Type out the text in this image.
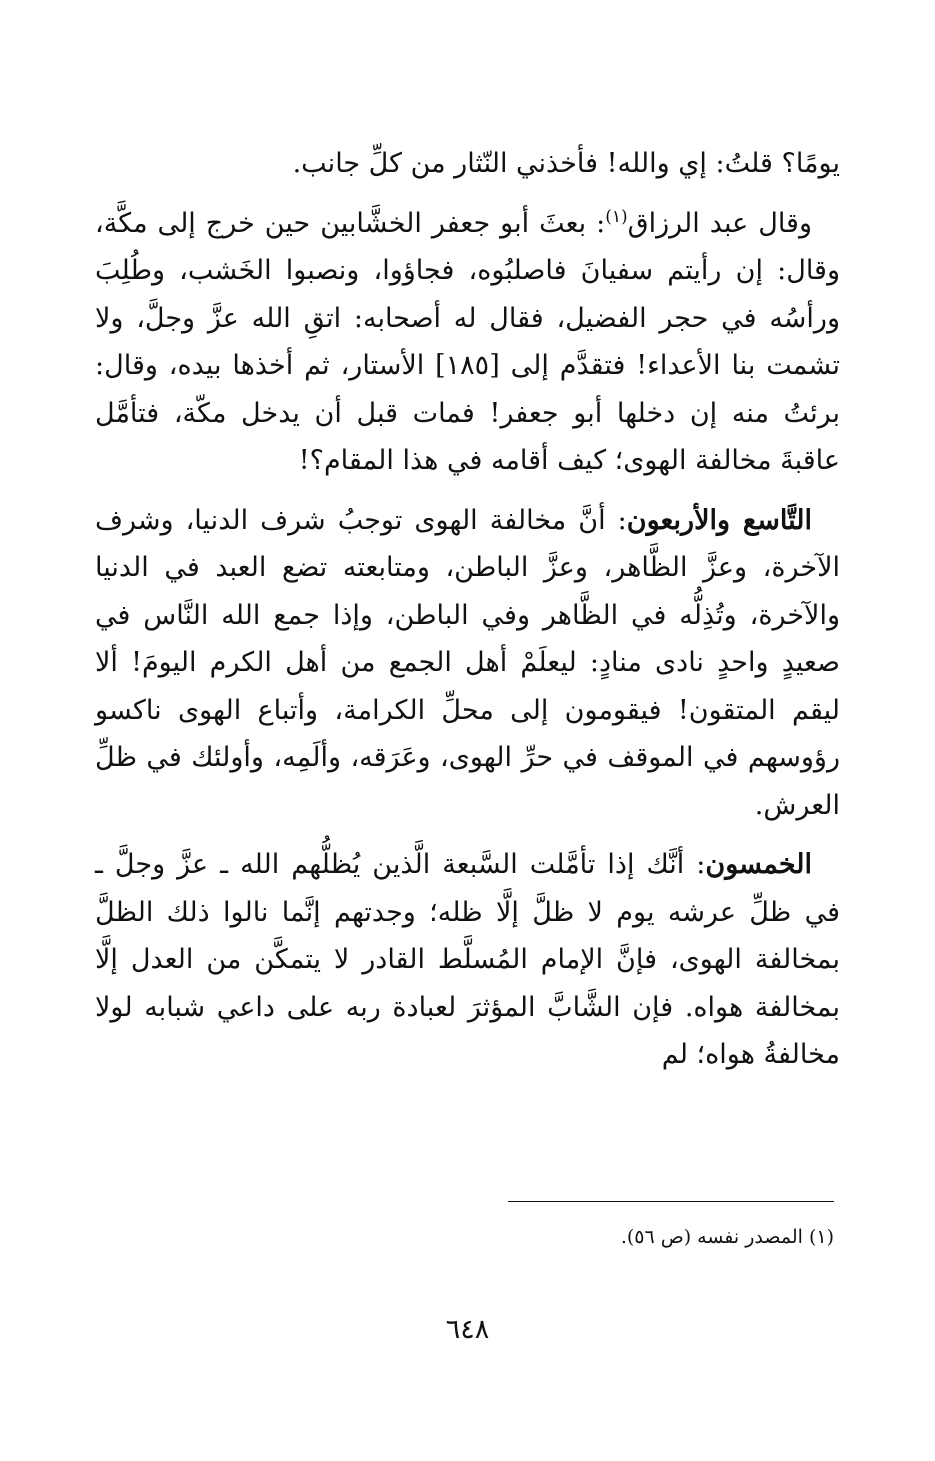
يومًا؟ قلتُ: إي والله! فأخذني النّثار من كلِّ جانب.

وقال عبد الرزاق$^{(١)}$: بعثَ أبو جعفر الخشَّابين حين خرج إلى مكَّة، وقال: إن رأيتم سفيانَ فاصلبُوه، فجاؤوا، ونصبوا الخَشب، وطُلِبَ ورأسُه في حجر الفضيل، فقال له أصحابه: اتقِ الله عزَّ وجلَّ، ولا تشمت بنا الأعداء! فتقدَّم إلى [١٨٥] الأستار، ثم أخذها بيده، وقال: برئتُ منه إن دخلها أبو جعفر! فمات قبل أن يدخل مكّة، فتأمَّل عاقبةَ مخالفة الهوى؛ كيف أقامه في هذا المقام؟!

التَّاسع والأربعون: أنَّ مخالفة الهوى توجبُ شرف الدنيا، وشرف الآخرة، وعزَّ الظَّاهر، وعزَّ الباطن، ومتابعته تضع العبد في الدنيا والآخرة، وتُذِلُّه في الظَّاهر وفي الباطن، وإذا جمع الله النَّاس في صعيدٍ واحدٍ نادى منادٍ: ليعلَمْ أهل الجمع من أهل الكرم اليومَ! ألا ليقم المتقون! فيقومون إلى محلِّ الكرامة، وأتباع الهوى ناكسو رؤوسهم في الموقف في حرِّ الهوى، وعَرَقه، وألَمِه، وأولئك في ظلِّ العرش.

الخمسون: أنَّك إذا تأمَّلت السَّبعة الَّذين يُظلُّهم الله ـ عزَّ وجلَّ ـ في ظلِّ عرشه يوم لا ظلَّ إلَّا ظله؛ وجدتهم إنَّما نالوا ذلك الظلَّ بمخالفة الهوى، فإنَّ الإمام المُسلَّط القادر لا يتمكَّن من العدل إلَّا بمخالفة هواه. فإن الشَّابَّ المؤثرَ لعبادة ربه على داعي شبابه لولا مخالفةُ هواه؛ لم

(١) المصدر نفسه (ص ٥٦).
٦٤٨
